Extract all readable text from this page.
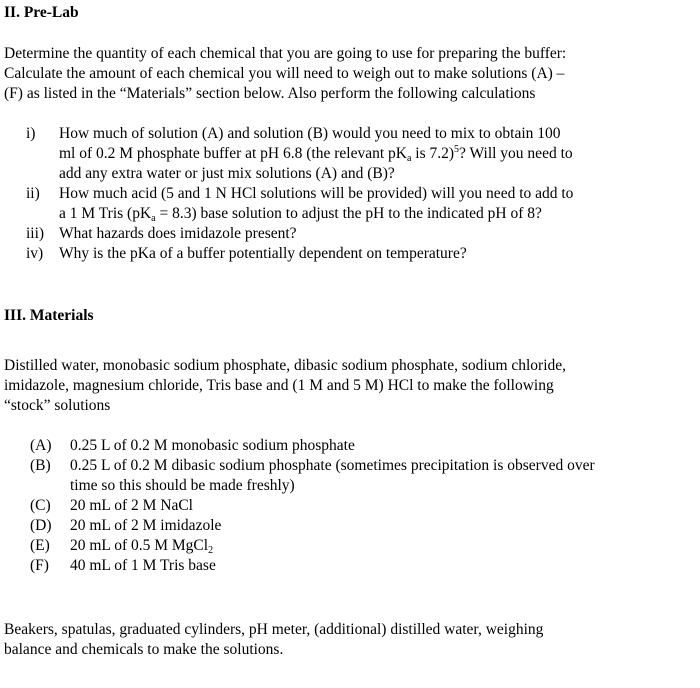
II. Pre-Lab
Determine the quantity of each chemical that you are going to use for preparing the buffer:
Calculate the amount of each chemical you will need to weigh out to make solutions (A) –
(F) as listed in the “Materials” section below. Also perform the following calculations
i) How much of solution (A) and solution (B) would you need to mix to obtain 100
ml of 0.2 M phosphate buffer at pH 6.8 (the relevant $pK_a$ is 7.2)$^5$? Will you need to
add any extra water or just mix solutions (A) and (B)?
ii) How much acid (5 and 1 N HCl solutions will be provided) will you need to add to
a 1 M Tris $(pK_a = 8.3)$ base solution to adjust the pH to the indicated pH of 8?
iii) What hazards does imidazole present?
iv) Why is the pKa of a buffer potentially dependent on temperature?
III. Materials
Distilled water, monobasic sodium phosphate, dibasic sodium phosphate, sodium chloride,
imidazole, magnesium chloride, Tris base and (1 M and 5 M) HCl to make the following
“stock” solutions
(A) 0.25 L of 0.2 M monobasic sodium phosphate
(B) 0.25 L of 0.2 M dibasic sodium phosphate (sometimes precipitation is observed over
time so this should be made freshly)
(C) 20 mL of 2 M NaCl
(D) 20 mL of 2 M imidazole
(E) 20 mL of 0.5 M MgCl$_2$
(F) 40 mL of 1 M Tris base
Beakers, spatulas, graduated cylinders, pH meter, (additional) distilled water, weighing
balance and chemicals to make the solutions.
